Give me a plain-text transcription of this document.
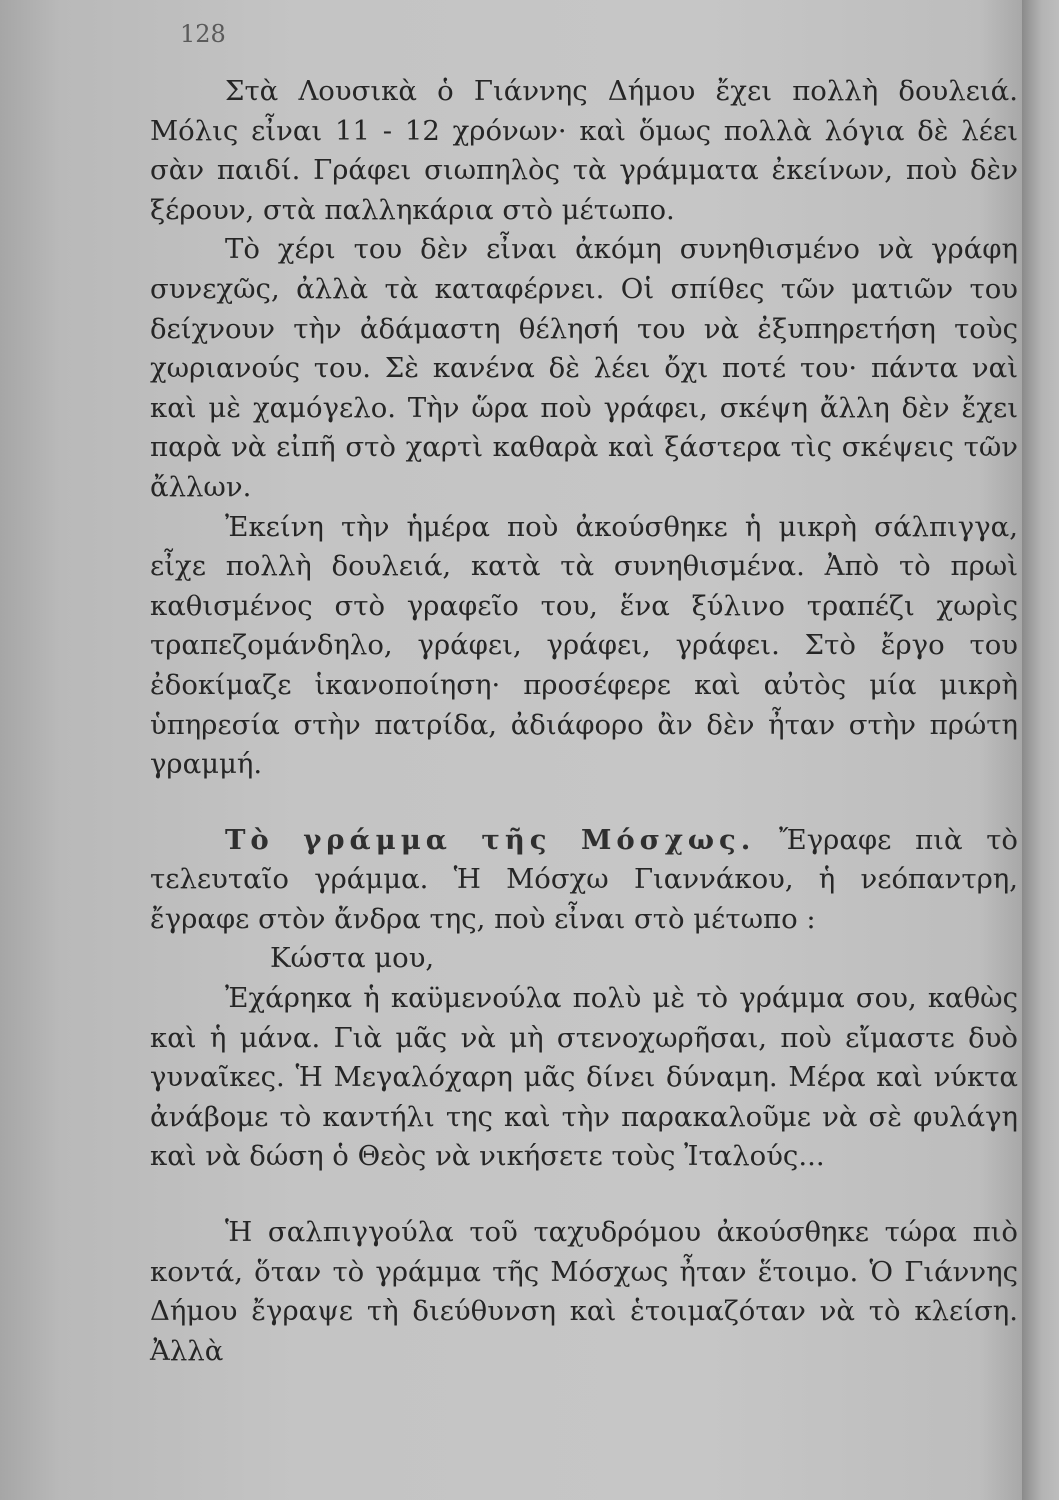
128

Στὰ Λουσικὰ ὁ Γιάννης Δήμου ἔχει πολλὴ δουλειά. Μόλις εἶναι 11 - 12 χρόνων· καὶ ὅμως πολλὰ λόγια δὲ λέει σὰν παιδί. Γράφει σιωπηλὸς τὰ γράμματα ἐκείνων, ποὺ δὲν ξέρουν, στὰ παλληκάρια στὸ μέτωπο.

Τὸ χέρι του δὲν εἶναι ἀκόμη συνηθισμένο νὰ γράφη συνεχῶς, ἀλλὰ τὰ καταφέρνει. Οἱ σπίθες τῶν ματιῶν του δείχνουν τὴν ἀδάμαστη θέλησή του νὰ ἐξυπηρετήση τοὺς χωριανούς του. Σὲ κανένα δὲ λέει ὄχι ποτέ του· πάντα ναὶ καὶ μὲ χαμόγελο. Τὴν ὥρα ποὺ γράφει, σκέψη ἄλλη δὲν ἔχει παρὰ νὰ εἰπῆ στὸ χαρτὶ καθαρὰ καὶ ξάστερα τὶς σκέψεις τῶν ἄλλων.

Ἐκείνη τὴν ἡμέρα ποὺ ἀκούσθηκε ἡ μικρὴ σάλπιγγα, εἶχε πολλὴ δουλειά, κατὰ τὰ συνηθισμένα. Ἀπὸ τὸ πρωὶ καθισμένος στὸ γραφεῖο του, ἕνα ξύλινο τραπέζι χωρὶς τραπεζομάνδηλο, γράφει, γράφει, γράφει. Στὸ ἔργο του ἐδοκίμαζε ἱκανοποίηση· προσέφερε καὶ αὐτὸς μία μικρὴ ὑπηρεσία στὴν πατρίδα, ἀδιάφορο ἂν δὲν ἦταν στὴν πρώτη γραμμή.

Τὸ γράμμα τῆς Μόσχως. Ἔγραφε πιὰ τὸ τελευταῖο γράμμα. Ἡ Μόσχω Γιαννάκου, ἡ νεόπαντρη, ἔγραφε στὸν ἄνδρα της, ποὺ εἶναι στὸ μέτωπο :

Κώστα μου,

Ἐχάρηκα ἡ καϋμενούλα πολὺ μὲ τὸ γράμμα σου, καθὼς καὶ ἡ μάνα. Γιὰ μᾶς νὰ μὴ στενοχωρῆσαι, ποὺ εἴμαστε δυὸ γυναῖκες. Ἡ Μεγαλόχαρη μᾶς δίνει δύναμη. Μέρα καὶ νύκτα ἀνάβομε τὸ καντήλι της καὶ τὴν παρακαλοῦμε νὰ σὲ φυλάγη καὶ νὰ δώση ὁ Θεὸς νὰ νικήσετε τοὺς Ἰταλούς...

Ἡ σαλπιγγούλα τοῦ ταχυδρόμου ἀκούσθηκε τώρα πιὸ κοντά, ὅταν τὸ γράμμα τῆς Μόσχως ἦταν ἕτοιμο. Ὁ Γιάννης Δήμου ἔγραψε τὴ διεύθυνση καὶ ἑτοιμαζόταν νὰ τὸ κλείση. Ἀλλὰ
